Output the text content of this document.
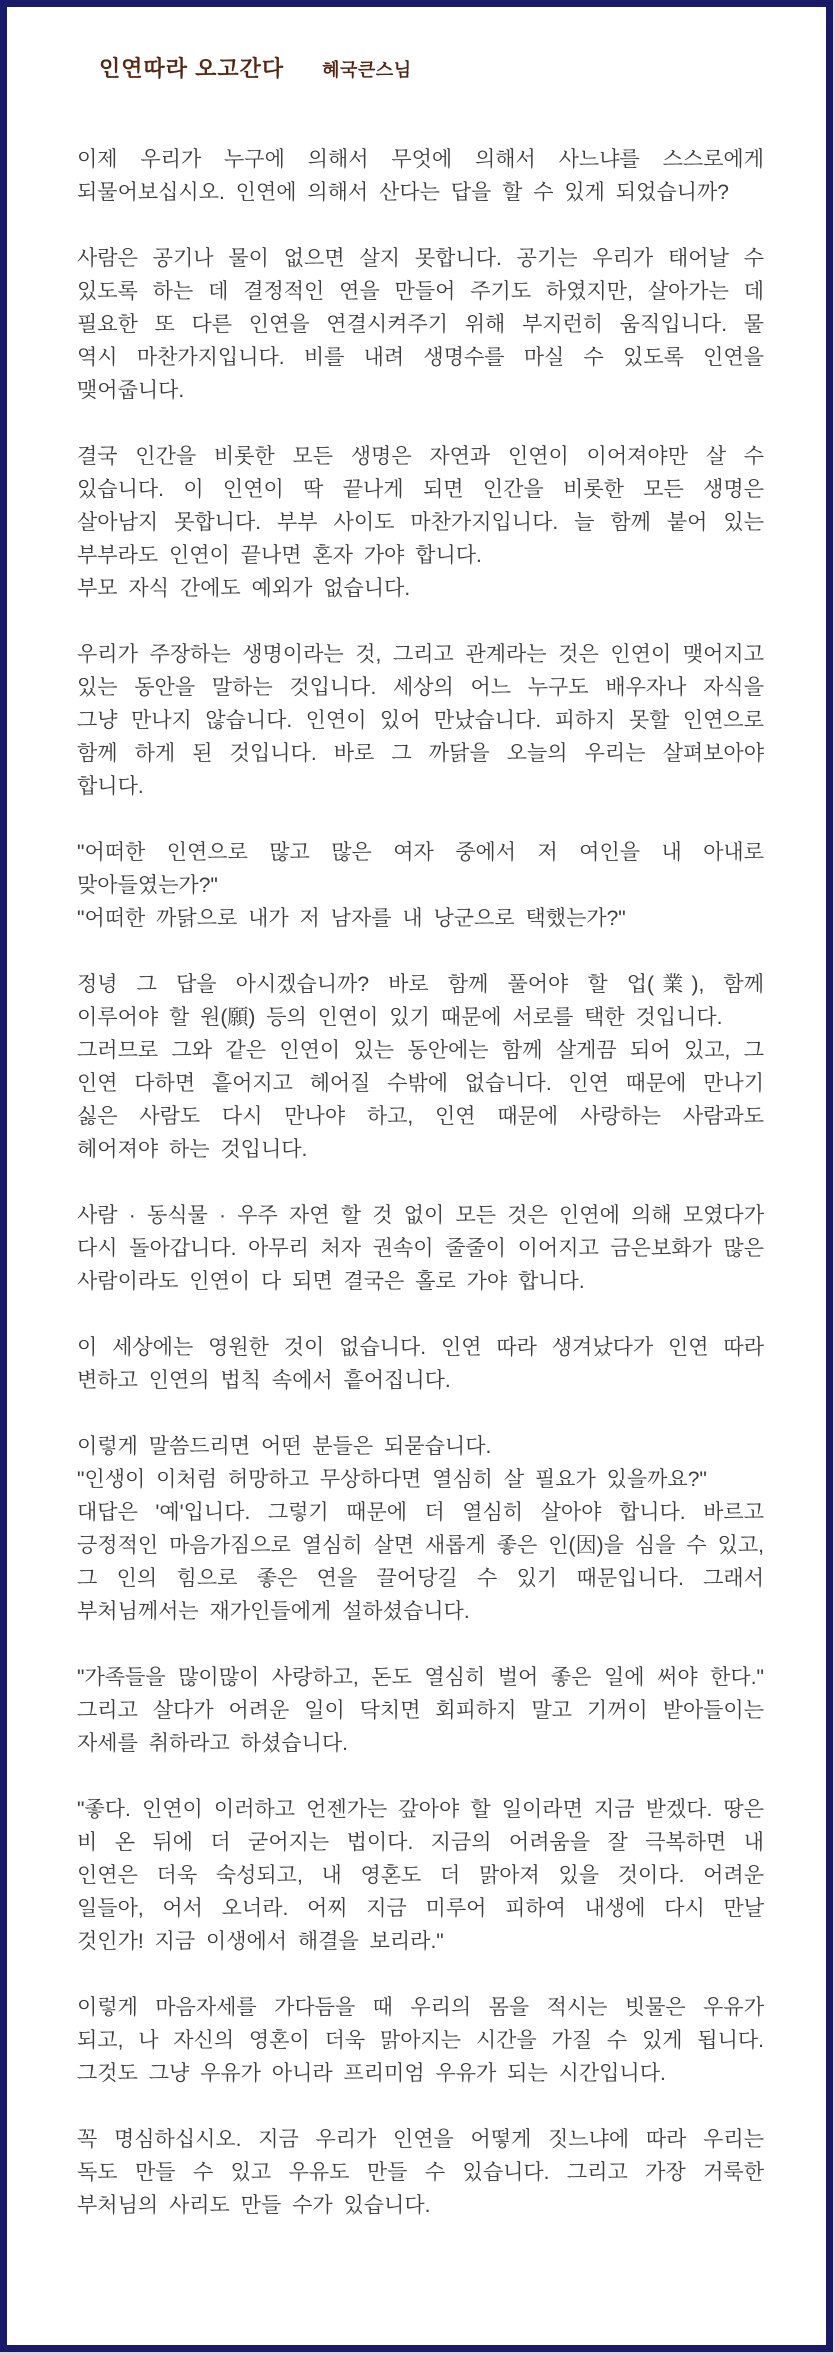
인연따라 오고간다 혜국큰스님
이제 우리가 누구에 의해서 무엇에 의해서 사느냐를 스스로에게 되물어보십시오. 인연에 의해서 산다는 답을 할 수 있게 되었습니까?
사람은 공기나 물이 없으면 살지 못합니다. 공기는 우리가 태어날 수 있도록 하는 데 결정적인 연을 만들어 주기도 하였지만, 살아가는 데 필요한 또 다른 인연을 연결시켜주기 위해 부지런히 움직입니다. 물 역시 마찬가지입니다. 비를 내려 생명수를 마실 수 있도록 인연을 맺어줍니다.
결국 인간을 비롯한 모든 생명은 자연과 인연이 이어져야만 살 수 있습니다. 이 인연이 딱 끝나게 되면 인간을 비롯한 모든 생명은 살아남지 못합니다. 부부 사이도 마찬가지입니다. 늘 함께 붙어 있는 부부라도 인연이 끝나면 혼자 가야 합니다.
부모 자식 간에도 예외가 없습니다.
우리가 주장하는 생명이라는 것, 그리고 관계라는 것은 인연이 맺어지고 있는 동안을 말하는 것입니다. 세상의 어느 누구도 배우자나 자식을 그냥 만나지 않습니다. 인연이 있어 만났습니다. 피하지 못할 인연으로 함께 하게 된 것입니다. 바로 그 까닭을 오늘의 우리는 살펴보아야 합니다.
"어떠한 인연으로 많고 많은 여자 중에서 저 여인을 내 아내로 맞아들였는가?"
"어떠한 까닭으로 내가 저 남자를 내 낭군으로 택했는가?"
정녕 그 답을 아시겠습니까? 바로 함께 풀어야 할 업(業), 함께 이루어야 할 원(願) 등의 인연이 있기 때문에 서로를 택한 것입니다.
그러므로 그와 같은 인연이 있는 동안에는 함께 살게끔 되어 있고, 그 인연 다하면 흩어지고 헤어질 수밖에 없습니다. 인연 때문에 만나기 싫은 사람도 다시 만나야 하고, 인연 때문에 사랑하는 사람과도 헤어져야 하는 것입니다.
사람 · 동식물 · 우주 자연 할 것 없이 모든 것은 인연에 의해 모였다가 다시 돌아갑니다. 아무리 처자 권속이 줄줄이 이어지고 금은보화가 많은 사람이라도 인연이 다 되면 결국은 홀로 가야 합니다.
이 세상에는 영원한 것이 없습니다. 인연 따라 생겨났다가 인연 따라 변하고 인연의 법칙 속에서 흩어집니다.
이렇게 말씀드리면 어떤 분들은 되묻습니다.
"인생이 이처럼 허망하고 무상하다면 열심히 살 필요가 있을까요?"
대답은 '예'입니다. 그렇기 때문에 더 열심히 살아야 합니다. 바르고 긍정적인 마음가짐으로 열심히 살면 새롭게 좋은 인(因)을 심을 수 있고, 그 인의 힘으로 좋은 연을 끌어당길 수 있기 때문입니다. 그래서 부처님께서는 재가인들에게 설하셨습니다.
"가족들을 많이많이 사랑하고, 돈도 열심히 벌어 좋은 일에 써야 한다." 그리고 살다가 어려운 일이 닥치면 회피하지 말고 기꺼이 받아들이는 자세를 취하라고 하셨습니다.
"좋다. 인연이 이러하고 언젠가는 갚아야 할 일이라면 지금 받겠다. 땅은 비 온 뒤에 더 굳어지는 법이다. 지금의 어려움을 잘 극복하면 내 인연은 더욱 숙성되고, 내 영혼도 더 맑아져 있을 것이다. 어려운 일들아, 어서 오너라. 어찌 지금 미루어 피하여 내생에 다시 만날 것인가! 지금 이생에서 해결을 보리라."
이렇게 마음자세를 가다듬을 때 우리의 몸을 적시는 빗물은 우유가 되고, 나 자신의 영혼이 더욱 맑아지는 시간을 가질 수 있게 됩니다. 그것도 그냥 우유가 아니라 프리미엄 우유가 되는 시간입니다.
꼭 명심하십시오. 지금 우리가 인연을 어떻게 짓느냐에 따라 우리는 독도 만들 수 있고 우유도 만들 수 있습니다. 그리고 가장 거룩한 부처님의 사리도 만들 수가 있습니다.
